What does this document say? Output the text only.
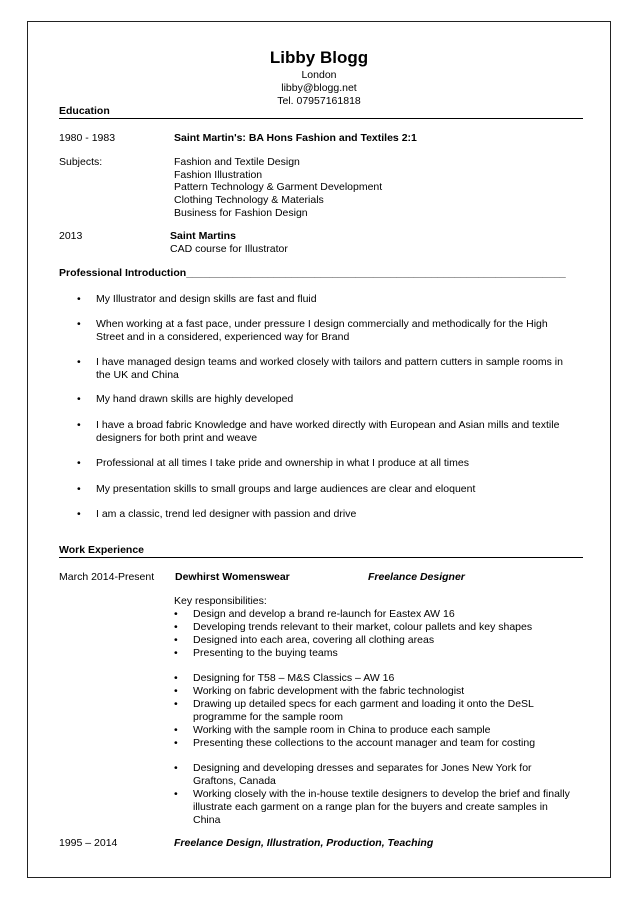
Libby Blogg
London
libby@blogg.net
Tel. 07957161818
Education
1980 - 1983	Saint Martin's: BA Hons Fashion and Textiles 2:1
Subjects:	Fashion and Textile Design
Fashion Illustration
Pattern Technology & Garment Development
Clothing Technology & Materials
Business for Fashion Design
2013	Saint Martins
CAD course for Illustrator
Professional Introduction_________________________________________________________________
• My Illustrator and design skills are fast and fluid
• When working at a fast pace, under pressure I design commercially and methodically for the High
Street and in a considered, experienced way for Brand
• I have managed design teams and worked closely with tailors and pattern cutters in sample rooms in
the UK and China
• My hand drawn skills are highly developed
• I have a broad fabric Knowledge and have worked directly with European and Asian mills and textile
designers for both print and weave
• Professional at all times I take pride and ownership in what I produce at all times
• My presentation skills to small groups and large audiences are clear and eloquent
• I am a classic, trend led designer with passion and drive
Work Experience
March 2014-Present Dewhirst Womenswear	Freelance Designer
Key responsibilities:
• Design and develop a brand re-launch for Eastex AW 16
• Developing trends relevant to their market, colour pallets and key shapes
• Designed into each area, covering all clothing areas
• Presenting to the buying teams
• Designing for T58 – M&S Classics – AW 16
• Working on fabric development with the fabric technologist
• Drawing up detailed specs for each garment and loading it onto the DeSL
programme for the sample room
• Working with the sample room in China to produce each sample
• Presenting these collections to the account manager and team for costing
• Designing and developing dresses and separates for Jones New York for
Graftons, Canada
• Working closely with the in-house textile designers to develop the brief and finally
illustrate each garment on a range plan for the buyers and create samples in
China
1995 – 2014	Freelance Design, Illustration, Production, Teaching
